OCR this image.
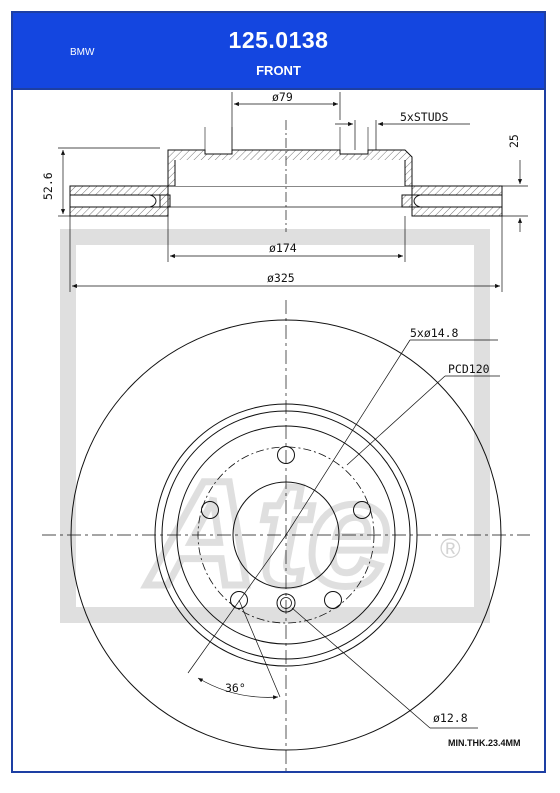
BMW	125.0138
FRONT
Ate ®
ø79
5xSTUDS
52.6
25
ø174
ø325
5xø14.8
PCD120
36°
ø12.8
MIN.THK.23.4MM
